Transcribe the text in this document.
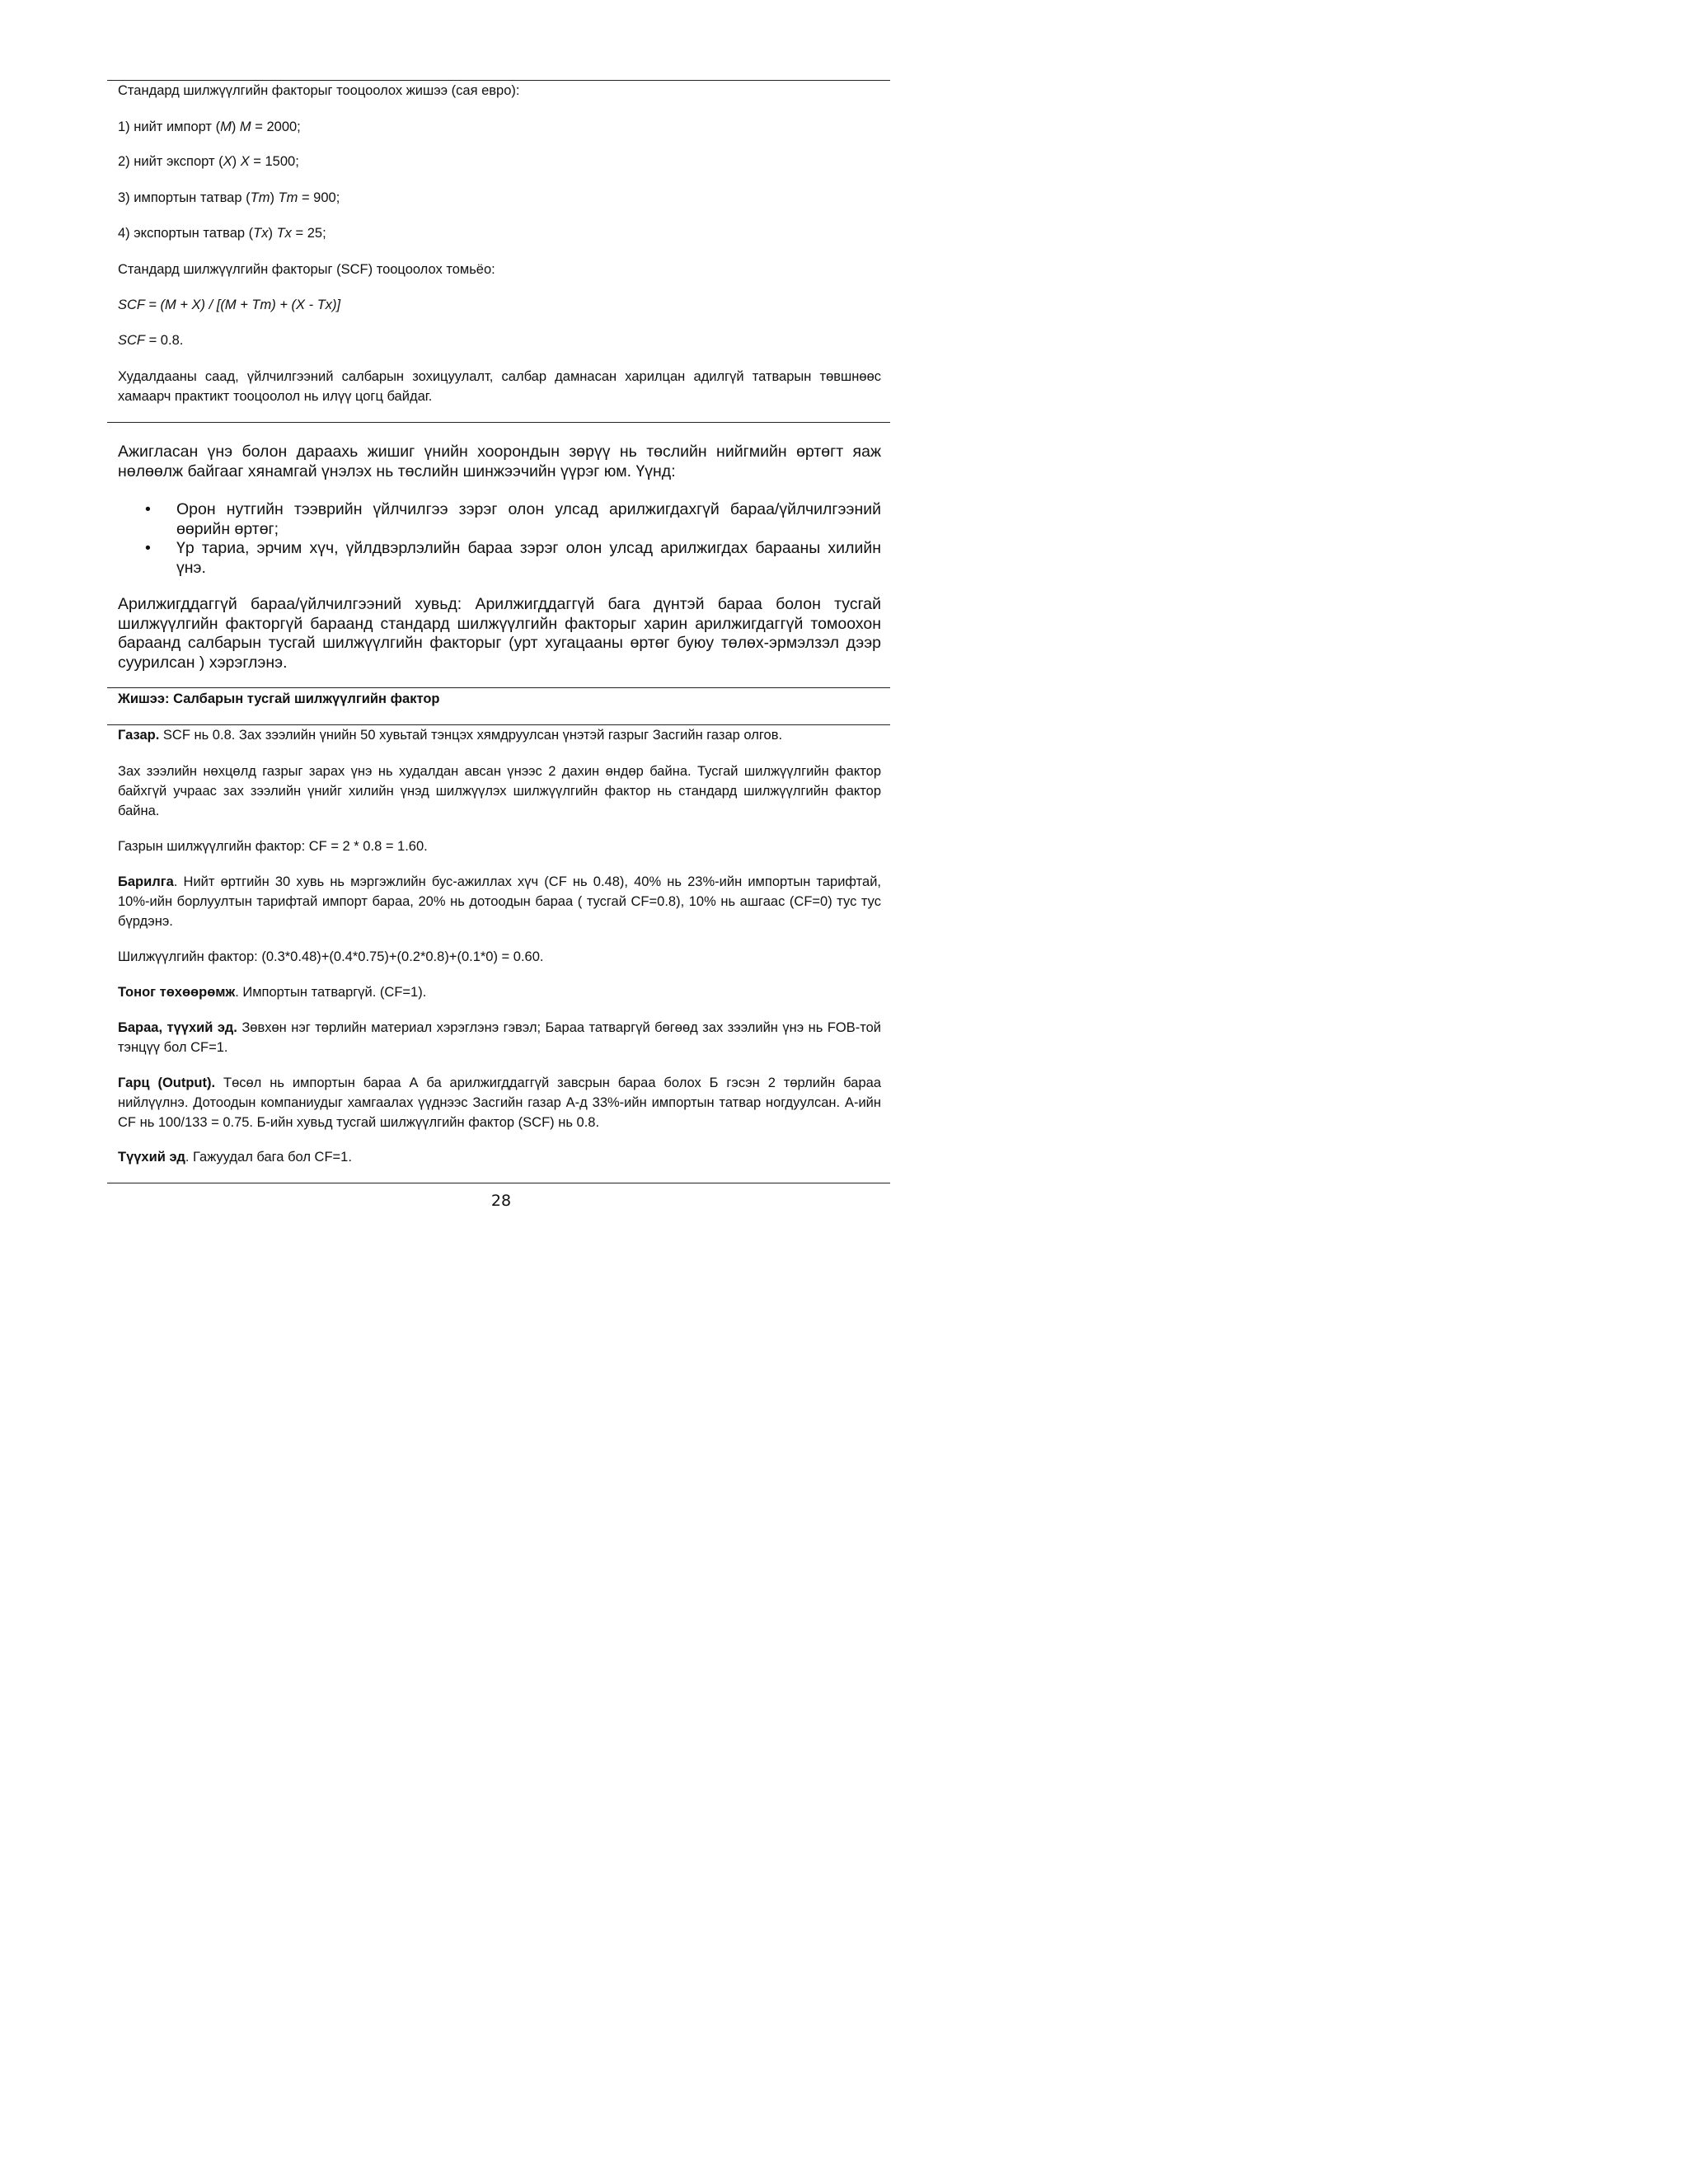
Стандард шилжүүлгийн факторыг тооцоолох жишээ (сая евро):
1) нийт импорт (M) M = 2000;
2) нийт экспорт (X) X = 1500;
3) импортын татвар (Tm) Tm = 900;
4) экспортын татвар (Tx) Tx = 25;
Стандард шилжүүлгийн факторыг (SCF) тооцоолох томьёо:
SCF = (M + X) / [(M + Tm) + (X - Tx)]
SCF = 0.8.
Худалдааны саад, үйлчилгээний салбарын зохицуулалт, салбар дамнасан харилцан адилгүй татварын төвшнөөс хамаарч практикт тооцоолол нь илүү цогц байдаг.
Ажигласан үнэ болон дараахь жишиг үнийн хоорондын зөрүү нь төслийн нийгмийн өртөгт яаж нөлөөлж байгааг хянамгай үнэлэх нь төслийн шинжээчийн үүрэг юм. Үүнд:
• Орон нутгийн тээврийн үйлчилгээ зэрэг олон улсад арилжигдахгүй бараа/үйлчилгээний өөрийн өртөг;
• Үр тариа, эрчим хүч, үйлдвэрлэлийн бараа зэрэг олон улсад арилжигдах барааны хилийн үнэ.
Арилжигддаггүй бараа/үйлчилгээний хувьд: Арилжигддаггүй бага дүнтэй бараа болон тусгай шилжүүлгийн факторгүй бараанд стандард шилжүүлгийн факторыг харин арилжигдаггүй томоохон бараанд салбарын тусгай шилжүүлгийн факторыг (урт хугацааны өртөг буюу төлөх-эрмэлзэл дээр суурилсан ) хэрэглэнэ.
Жишээ: Салбарын тусгай шилжүүлгийн фактор
Газар. SCF нь 0.8. Зах зээлийн үнийн 50 хувьтай тэнцэх хямдруулсан үнэтэй газрыг Засгийн газар олгов.
Зах зээлийн нөхцөлд газрыг зарах үнэ нь худалдан авсан үнээс 2 дахин өндөр байна. Тусгай шилжүүлгийн фактор байхгүй учраас зах зээлийн үнийг хилийн үнэд шилжүүлэх шилжүүлгийн фактор нь стандард шилжүүлгийн фактор байна.
Газрын шилжүүлгийн фактор: CF = 2 * 0.8 = 1.60.
Барилга. Нийт өртгийн 30 хувь нь мэргэжлийн бус-ажиллах хүч (CF нь 0.48), 40% нь 23%-ийн импортын тарифтай, 10%-ийн борлуултын тарифтай импорт бараа, 20% нь дотоодын бараа ( тусгай CF=0.8), 10% нь ашгаас (CF=0) тус тус бүрдэнэ.
Шилжүүлгийн фактор: (0.3*0.48)+(0.4*0.75)+(0.2*0.8)+(0.1*0) = 0.60.
Тоног төхөөрөмж. Импортын татваргүй. (CF=1).
Бараа, түүхий эд. Зөвхөн нэг төрлийн материал хэрэглэнэ гэвэл; Бараа татваргүй бөгөөд зах зээлийн үнэ нь FOB-той тэнцүү бол CF=1.
Гарц (Output). Төсөл нь импортын бараа А ба арилжигддаггүй завсрын бараа болох Б гэсэн 2 төрлийн бараа нийлүүлнэ. Дотоодын компаниудыг хамгаалах үүднээс Засгийн газар А-д 33%-ийн импортын татвар ногдуулсан. А-ийн CF нь 100/133 = 0.75. Б-ийн хувьд тусгай шилжүүлгийн фактор (SCF) нь 0.8.
Түүхий эд. Гажуудал бага бол CF=1.
28
